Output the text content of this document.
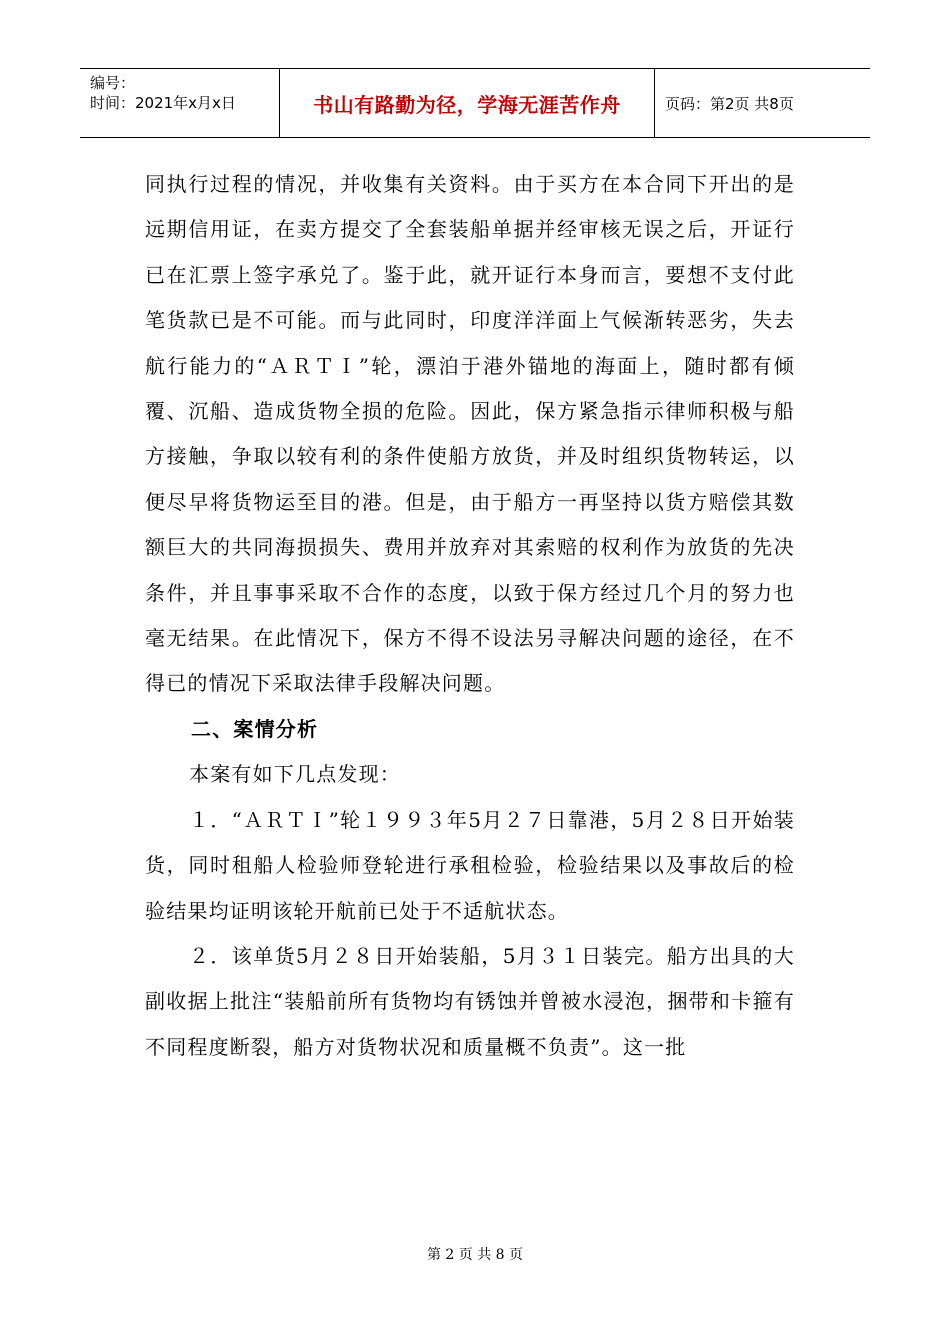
编号：
时间：2021年x月x日	书山有路勤为径，学海无涯苦作舟	页码：第2页 共8页

同执行过程的情况，并收集有关资料。由于买方在本合同下开出的是远期信用证，在卖方提交了全套装船单据并经审核无误之后，开证行已在汇票上签字承兑了。鉴于此，就开证行本身而言，要想不支付此笔货款已是不可能。而与此同时，印度洋洋面上气候渐转恶劣，失去航行能力的“ＡＲＴＩ”轮，漂泊于港外锚地的海面上，随时都有倾覆、沉船、造成货物全损的危险。因此，保方紧急指示律师积极与船方接触，争取以较有利的条件使船方放货，并及时组织货物转运，以便尽早将货物运至目的港。但是，由于船方一再坚持以货方赔偿其数额巨大的共同海损损失、费用并放弃对其索赔的权利作为放货的先决条件，并且事事采取不合作的态度，以致于保方经过几个月的努力也毫无结果。在此情况下，保方不得不设法另寻解决问题的途径，在不得已的情况下采取法律手段解决问题。

二、案情分析

本案有如下几点发现：

１．“ＡＲＴＩ”轮１９９３年5月２７日靠港，5月２８日开始装货，同时租船人检验师登轮进行承租检验，检验结果以及事故后的检验结果均证明该轮开航前已处于不适航状态。

２．该单货5月２８日开始装船，5月３１日装完。船方出具的大副收据上批注“装船前所有货物均有锈蚀并曾被水浸泡，捆带和卡箍有不同程度断裂，船方对货物状况和质量概不负责”。这一批

第 2 页 共 8 页
